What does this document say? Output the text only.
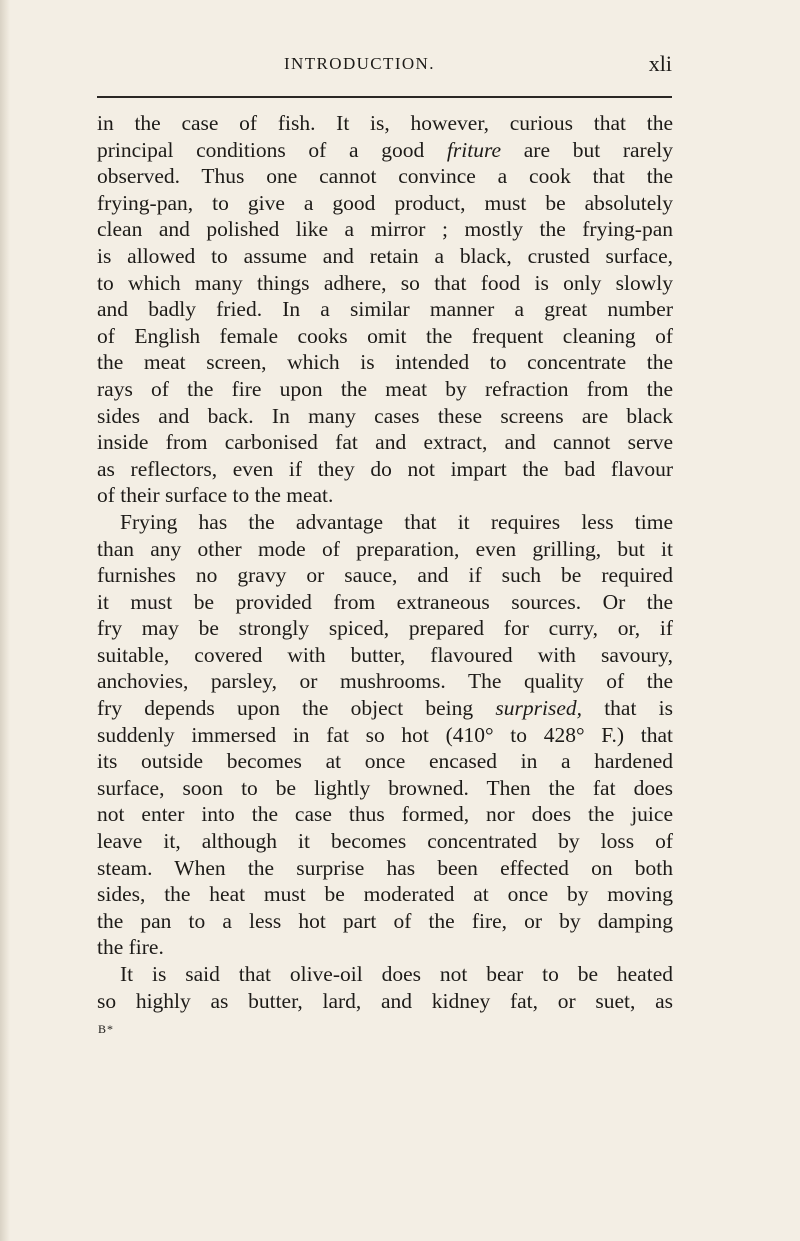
INTRODUCTION.	xli
in the case of fish. It is, however, curious that the
principal conditions of a good friture are but rarely
observed. Thus one cannot convince a cook that the
frying-pan, to give a good product, must be absolutely
clean and polished like a mirror ; mostly the frying-pan
is allowed to assume and retain a black, crusted surface,
to which many things adhere, so that food is only slowly
and badly fried. In a similar manner a great number
of English female cooks omit the frequent cleaning of
the meat screen, which is intended to concentrate the
rays of the fire upon the meat by refraction from the
sides and back. In many cases these screens are black
inside from carbonised fat and extract, and cannot serve
as reflectors, even if they do not impart the bad flavour
of their surface to the meat.
Frying has the advantage that it requires less time
than any other mode of preparation, even grilling, but it
furnishes no gravy or sauce, and if such be required
it must be provided from extraneous sources. Or the
fry may be strongly spiced, prepared for curry, or, if
suitable, covered with butter, flavoured with savoury,
anchovies, parsley, or mushrooms. The quality of the
fry depends upon the object being surprised, that is
suddenly immersed in fat so hot (410° to 428° F.) that
its outside becomes at once encased in a hardened
surface, soon to be lightly browned. Then the fat does
not enter into the case thus formed, nor does the juice
leave it, although it becomes concentrated by loss of
steam. When the surprise has been effected on both
sides, the heat must be moderated at once by moving
the pan to a less hot part of the fire, or by damping
the fire.
It is said that olive-oil does not bear to be heated
so highly as butter, lard, and kidney fat, or suet, as
B*
